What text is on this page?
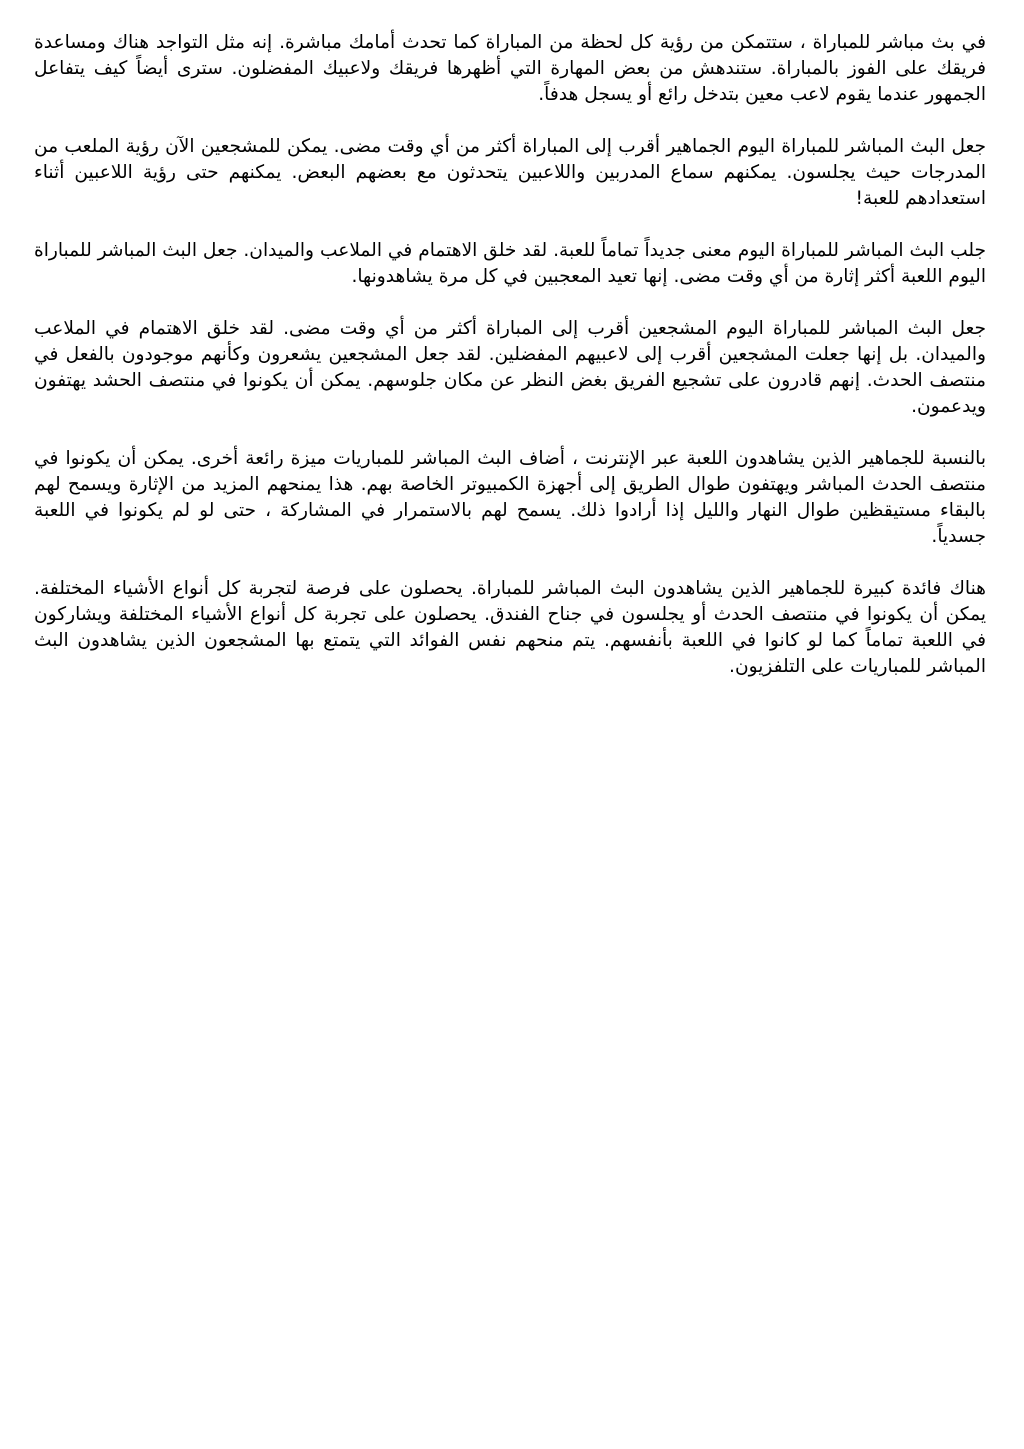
في بث مباشر للمباراة ، ستتمكن من رؤية كل لحظة من المباراة كما تحدث أمامك مباشرة. إنه مثل التواجد هناك ومساعدة فريقك على الفوز بالمباراة. ستندهش من بعض المهارة التي أظهرها فريقك ولاعبيك المفضلون. سترى أيضاً كيف يتفاعل الجمهور عندما يقوم لاعب معين بتدخل رائع أو يسجل هدفاً.

جعل البث المباشر للمباراة اليوم الجماهير أقرب إلى المباراة أكثر من أي وقت مضى. يمكن للمشجعين الآن رؤية الملعب من المدرجات حيث يجلسون. يمكنهم سماع المدربين واللاعبين يتحدثون مع بعضهم البعض. يمكنهم حتى رؤية اللاعبين أثناء استعدادهم للعبة!

جلب البث المباشر للمباراة اليوم معنى جديداً تماماً للعبة. لقد خلق الاهتمام في الملاعب والميدان. جعل البث المباشر للمباراة اليوم اللعبة أكثر إثارة من أي وقت مضى. إنها تعيد المعجبين في كل مرة يشاهدونها.

جعل البث المباشر للمباراة اليوم المشجعين أقرب إلى المباراة أكثر من أي وقت مضى. لقد خلق الاهتمام في الملاعب والميدان. بل إنها جعلت المشجعين أقرب إلى لاعبيهم المفضلين. لقد جعل المشجعين يشعرون وكأنهم موجودون بالفعل في منتصف الحدث. إنهم قادرون على تشجيع الفريق بغض النظر عن مكان جلوسهم. يمكن أن يكونوا في منتصف الحشد يهتفون ويدعمون.

بالنسبة للجماهير الذين يشاهدون اللعبة عبر الإنترنت ، أضاف البث المباشر للمباريات ميزة رائعة أخرى. يمكن أن يكونوا في منتصف الحدث المباشر ويهتفون طوال الطريق إلى أجهزة الكمبيوتر الخاصة بهم. هذا يمنحهم المزيد من الإثارة ويسمح لهم بالبقاء مستيقظين طوال النهار والليل إذا أرادوا ذلك. يسمح لهم بالاستمرار في المشاركة ، حتى لو لم يكونوا في اللعبة جسدياً.

هناك فائدة كبيرة للجماهير الذين يشاهدون البث المباشر للمباراة. يحصلون على فرصة لتجربة كل أنواع الأشياء المختلفة. يمكن أن يكونوا في منتصف الحدث أو يجلسون في جناح الفندق. يحصلون على تجربة كل أنواع الأشياء المختلفة ويشاركون في اللعبة تماماً كما لو كانوا في اللعبة بأنفسهم. يتم منحهم نفس الفوائد التي يتمتع بها المشجعون الذين يشاهدون البث المباشر للمباريات على التلفزيون.
